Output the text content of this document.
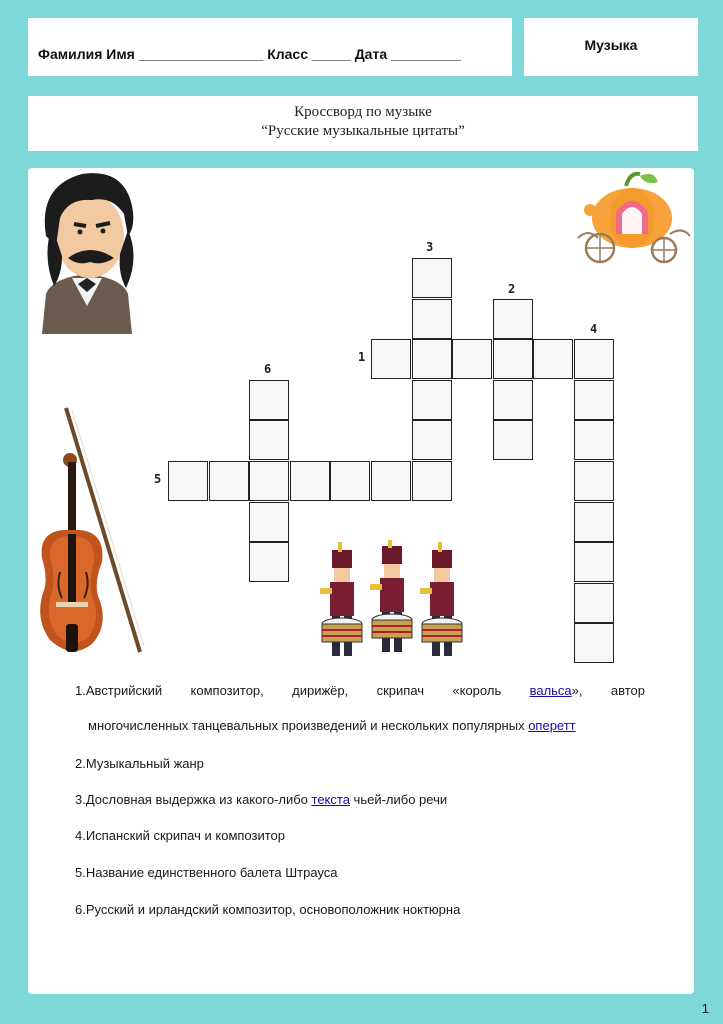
Фамилия Имя ________________ Класс _____ Дата _________
Музыка
Кроссворд по музыке
“Русские музыкальные цитаты”
3
2
4
1
6
5
1.Австрийский композитор, дирижёр, скрипач «король вальса», автор
многочисленных танцевальных произведений и нескольких популярных оперетт
2.Музыкальный жанр
3.Дословная выдержка из какого-либо текста чьей-либо речи
4.Испанский скрипач и композитор
5.Название единственного балета Штрауса
6.Русский и ирландский композитор, основоположник ноктюрна
1
